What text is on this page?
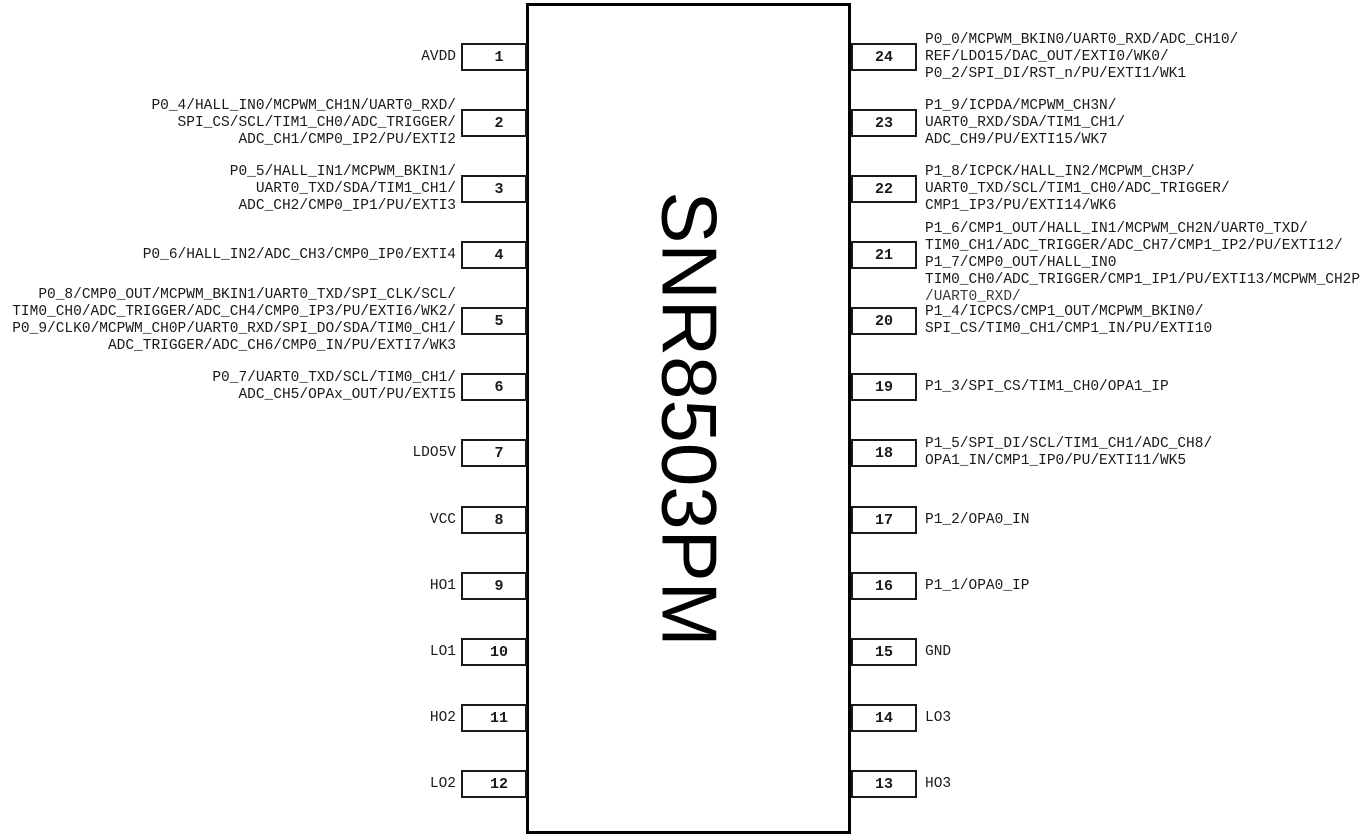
SNR8503PM
1
AVDD
2
P0_4/HALL_IN0/MCPWM_CH1N/UART0_RXD/
SPI_CS/SCL/TIM1_CH0/ADC_TRIGGER/
ADC_CH1/CMP0_IP2/PU/EXTI2
3
P0_5/HALL_IN1/MCPWM_BKIN1/
UART0_TXD/SDA/TIM1_CH1/
ADC_CH2/CMP0_IP1/PU/EXTI3
4
P0_6/HALL_IN2/ADC_CH3/CMP0_IP0/EXTI4
5
P0_8/CMP0_OUT/MCPWM_BKIN1/UART0_TXD/SPI_CLK/SCL/
TIM0_CH0/ADC_TRIGGER/ADC_CH4/CMP0_IP3/PU/EXTI6/WK2/
P0_9/CLK0/MCPWM_CH0P/UART0_RXD/SPI_DO/SDA/TIM0_CH1/
ADC_TRIGGER/ADC_CH6/CMP0_IN/PU/EXTI7/WK3
6
P0_7/UART0_TXD/SCL/TIM0_CH1/
ADC_CH5/OPAx_OUT/PU/EXTI5
7
LDO5V
8
VCC
9
HO1
10
LO1
11
HO2
12
LO2
24
P0_0/MCPWM_BKIN0/UART0_RXD/ADC_CH10/
REF/LDO15/DAC_OUT/EXTI0/WK0/
P0_2/SPI_DI/RST_n/PU/EXTI1/WK1
23
P1_9/ICPDA/MCPWM_CH3N/
UART0_RXD/SDA/TIM1_CH1/
ADC_CH9/PU/EXTI15/WK7
22
P1_8/ICPCK/HALL_IN2/MCPWM_CH3P/
UART0_TXD/SCL/TIM1_CH0/ADC_TRIGGER/
CMP1_IP3/PU/EXTI14/WK6
21
P1_6/CMP1_OUT/HALL_IN1/MCPWM_CH2N/UART0_TXD/
TIM0_CH1/ADC_TRIGGER/ADC_CH7/CMP1_IP2/PU/EXTI12/
P1_7/CMP0_OUT/HALL_IN0
TIM0_CH0/ADC_TRIGGER/CMP1_IP1/PU/EXTI13/MCPWM_CH2P
/UART0_RXD/
20
P1_4/ICPCS/CMP1_OUT/MCPWM_BKIN0/
SPI_CS/TIM0_CH1/CMP1_IN/PU/EXTI10
19 P1_3/SPI_CS/TIM1_CH0/OPA1_IP
18
P1_5/SPI_DI/SCL/TIM1_CH1/ADC_CH8/
OPA1_IN/CMP1_IP0/PU/EXTI11/WK5
17 P1_2/OPA0_IN
16 P1_1/OPA0_IP
15 GND
14 LO3
13 HO3
